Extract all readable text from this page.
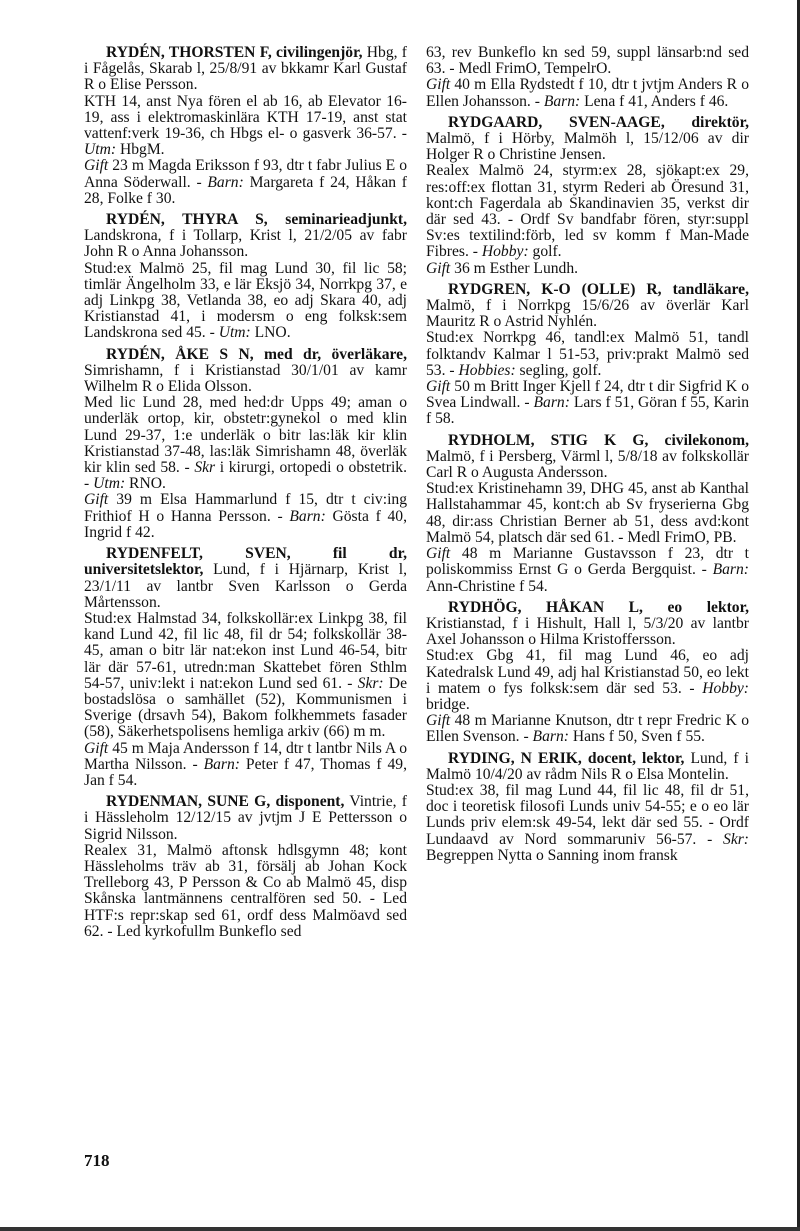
RYDÉN, THORSTEN F, civilingenjör, Hbg, f i Fågelås, Skarab l, 25/8/91 av bkkamr Karl Gustaf R o Elise Persson.

KTH 14, anst Nya fören el ab 16, ab Elevator 16-19, ass i elektromaskinlära KTH 17-19, anst stat vattenf:verk 19-36, ch Hbgs el- o gasverk 36-57. - Utm: HbgM.

Gift 23 m Magda Eriksson f 93, dtr t fabr Julius E o Anna Söderwall. - Barn: Margareta f 24, Håkan f 28, Folke f 30.

RYDÉN, THYRA S, seminarieadjunkt, Landskrona, f i Tollarp, Krist l, 21/2/05 av fabr John R o Anna Johansson.

Stud:ex Malmö 25, fil mag Lund 30, fil lic 58; timlär Ängelholm 33, e lär Eksjö 34, Norrkpg 37, e adj Linkpg 38, Vetlanda 38, eo adj Skara 40, adj Kristianstad 41, i modersm o eng folksk:sem Landskrona sed 45. - Utm: LNO.

RYDÉN, ÅKE S N, med dr, överläkare, Simrishamn, f i Kristianstad 30/1/01 av kamr Wilhelm R o Elida Olsson.

Med lic Lund 28, med hed:dr Upps 49; aman o underläk ortop, kir, obstetr:gynekol o med klin Lund 29-37, 1:e underläk o bitr las:läk kir klin Kristianstad 37-48, las:läk Simrishamn 48, överläk kir klin sed 58. - Skr i kirurgi, ortopedi o obstetrik. - Utm: RNO.

Gift 39 m Elsa Hammarlund f 15, dtr t civ:ing Frithiof H o Hanna Persson. - Barn: Gösta f 40, Ingrid f 42.

RYDENFELT, SVEN, fil dr, universitetslektor, Lund, f i Hjärnarp, Krist l, 23/1/11 av lantbr Sven Karlsson o Gerda Mårtensson.

Stud:ex Halmstad 34, folkskollär:ex Linkpg 38, fil kand Lund 42, fil lic 48, fil dr 54; folkskollär 38-45, aman o bitr lär nat:ekon inst Lund 46-54, bitr lär där 57-61, utredn:man Skattebet fören Sthlm 54-57, univ:lekt i nat:ekon Lund sed 61. - Skr: De bostadslösa o samhället (52), Kommunismen i Sverige (drsavh 54), Bakom folkhemmets fasader (58), Säkerhetspolisens hemliga arkiv (66) m m.

Gift 45 m Maja Andersson f 14, dtr t lantbr Nils A o Martha Nilsson. - Barn: Peter f 47, Thomas f 49, Jan f 54.

RYDENMAN, SUNE G, disponent, Vintrie, f i Hässleholm 12/12/15 av jvtjm J E Pettersson o Sigrid Nilsson.

Realex 31, Malmö aftonsk hdlsgymn 48; kont Hässleholms träv ab 31, försälj ab Johan Kock Trelleborg 43, P Persson & Co ab Malmö 45, disp Skånska lantmännens centralfören sed 50. - Led HTF:s repr:skap sed 61, ordf dess Malmöavd sed 62. - Led kyrkofullm Bunkeflo sed

63, rev Bunkeflo kn sed 59, suppl länsarb:nd sed 63. - Medl FrimO, TempelrO.

Gift 40 m Ella Rydstedt f 10, dtr t jvtjm Anders R o Ellen Johansson. - Barn: Lena f 41, Anders f 46.

RYDGAARD, SVEN-AAGE, direktör, Malmö, f i Hörby, Malmöh l, 15/12/06 av dir Holger R o Christine Jensen.

Realex Malmö 24, styrm:ex 28, sjökapt:ex 29, res:off:ex flottan 31, styrm Rederi ab Öresund 31, kont:ch Fagerdala ab Skandinavien 35, verkst dir där sed 43. - Ordf Sv bandfabr fören, styr:suppl Sv:es textilind:förb, led sv komm f Man-Made Fibres. - Hobby: golf.

Gift 36 m Esther Lundh.

RYDGREN, K-O (OLLE) R, tandläkare, Malmö, f i Norrkpg 15/6/26 av överlär Karl Mauritz R o Astrid Nyhlén.

Stud:ex Norrkpg 46, tandl:ex Malmö 51, tandl folktandv Kalmar l 51-53, priv:prakt Malmö sed 53. - Hobbies: segling, golf.

Gift 50 m Britt Inger Kjell f 24, dtr t dir Sigfrid K o Svea Lindwall. - Barn: Lars f 51, Göran f 55, Karin f 58.

RYDHOLM, STIG K G, civilekonom, Malmö, f i Persberg, Värml l, 5/8/18 av folkskollär Carl R o Augusta Andersson.

Stud:ex Kristinehamn 39, DHG 45, anst ab Kanthal Hallstahammar 45, kont:ch ab Sv fryserierna Gbg 48, dir:ass Christian Berner ab 51, dess avd:kont Malmö 54, platsch där sed 61. - Medl FrimO, PB.

Gift 48 m Marianne Gustavsson f 23, dtr t poliskommiss Ernst G o Gerda Bergquist. - Barn: Ann-Christine f 54.

RYDHÖG, HÅKAN L, eo lektor, Kristianstad, f i Hishult, Hall l, 5/3/20 av lantbr Axel Johansson o Hilma Kristoffersson.

Stud:ex Gbg 41, fil mag Lund 46, eo adj Katedralsk Lund 49, adj hal Kristianstad 50, eo lekt i matem o fys folksk:sem där sed 53. - Hobby: bridge.

Gift 48 m Marianne Knutson, dtr t repr Fredric K o Ellen Svenson. - Barn: Hans f 50, Sven f 55.

RYDING, N ERIK, docent, lektor, Lund, f i Malmö 10/4/20 av rådm Nils R o Elsa Montelin.

Stud:ex 38, fil mag Lund 44, fil lic 48, fil dr 51, doc i teoretisk filosofi Lunds univ 54-55; e o eo lär Lunds priv elem:sk 49-54, lekt där sed 55. - Ordf Lundaavd av Nord sommaruniv 56-57. - Skr: Begreppen Nytta o Sanning inom fransk

718
